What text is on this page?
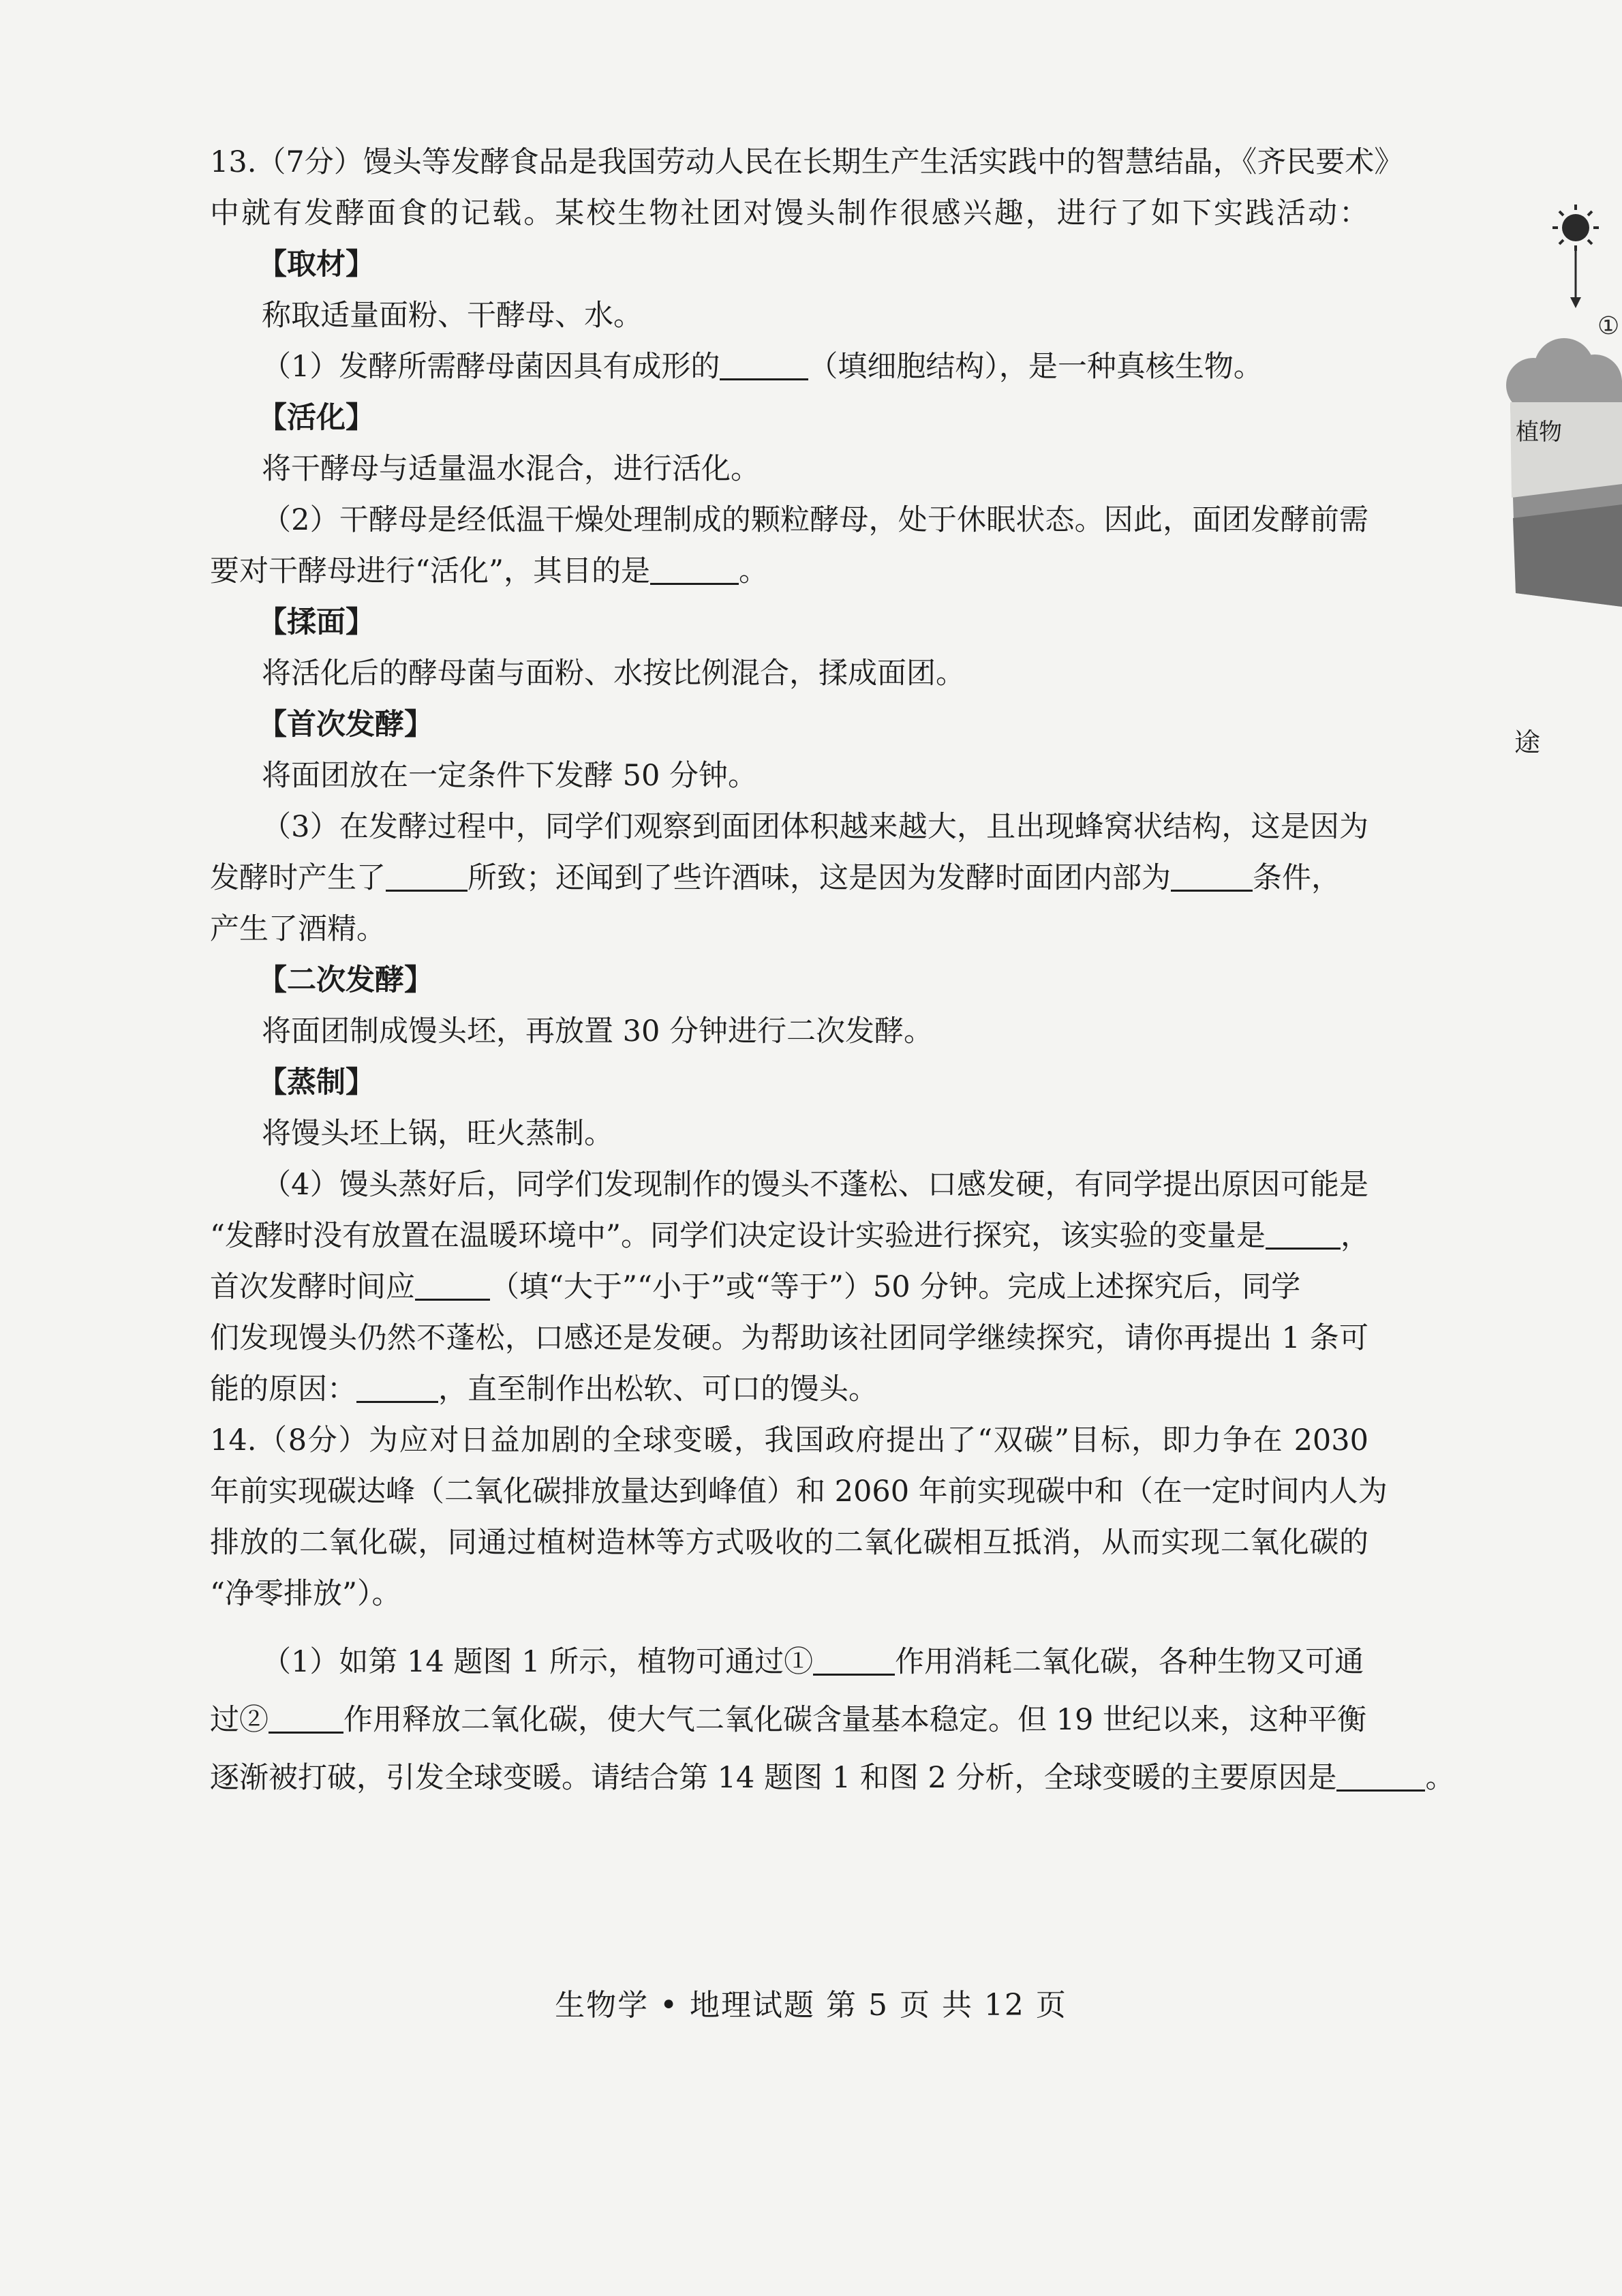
13.（7分）馒头等发酵食品是我国劳动人民在长期生产生活实践中的智慧结晶，《齐民要术》
中就有发酵面食的记载。某校生物社团对馒头制作很感兴趣，进行了如下实践活动：
【取材】
称取适量面粉、干酵母、水。
（1）发酵所需酵母菌因具有成形的	（填细胞结构），是一种真核生物。
【活化】
将干酵母与适量温水混合，进行活化。
（2）干酵母是经低温干燥处理制成的颗粒酵母，处于休眠状态。因此，面团发酵前需
要对干酵母进行“活化”，其目的是	。
【揉面】
将活化后的酵母菌与面粉、水按比例混合，揉成面团。
【首次发酵】
将面团放在一定条件下发酵 50 分钟。
（3）在发酵过程中，同学们观察到面团体积越来越大，且出现蜂窝状结构，这是因为
发酵时产生了	所致；还闻到了些许酒味，这是因为发酵时面团内部为	条件，
产生了酒精。
【二次发酵】
将面团制成馒头坯，再放置 30 分钟进行二次发酵。
【蒸制】
将馒头坯上锅，旺火蒸制。
（4）馒头蒸好后，同学们发现制作的馒头不蓬松、口感发硬，有同学提出原因可能是
“发酵时没有放置在温暖环境中”。同学们决定设计实验进行探究，该实验的变量是	，
首次发酵时间应	（填“大于”“小于”或“等于”）50 分钟。完成上述探究后，同学
们发现馒头仍然不蓬松，口感还是发硬。为帮助该社团同学继续探究，请你再提出 1 条可
能的原因：	，直至制作出松软、可口的馒头。
14.（8分）为应对日益加剧的全球变暖，我国政府提出了“双碳”目标，即力争在 2030
年前实现碳达峰（二氧化碳排放量达到峰值）和 2060 年前实现碳中和（在一定时间内人为
排放的二氧化碳，同通过植树造林等方式吸收的二氧化碳相互抵消，从而实现二氧化碳的
“净零排放”）。
（1）如第 14 题图 1 所示，植物可通过①	作用消耗二氧化碳，各种生物又可通
过②	作用释放二氧化碳，使大气二氧化碳含量基本稳定。但 19 世纪以来，这种平衡
逐渐被打破，引发全球变暖。请结合第 14 题图 1 和图 2 分析，全球变暖的主要原因是	。
①
植物
途
生物学 • 地理试题 第 5 页 共 12 页
